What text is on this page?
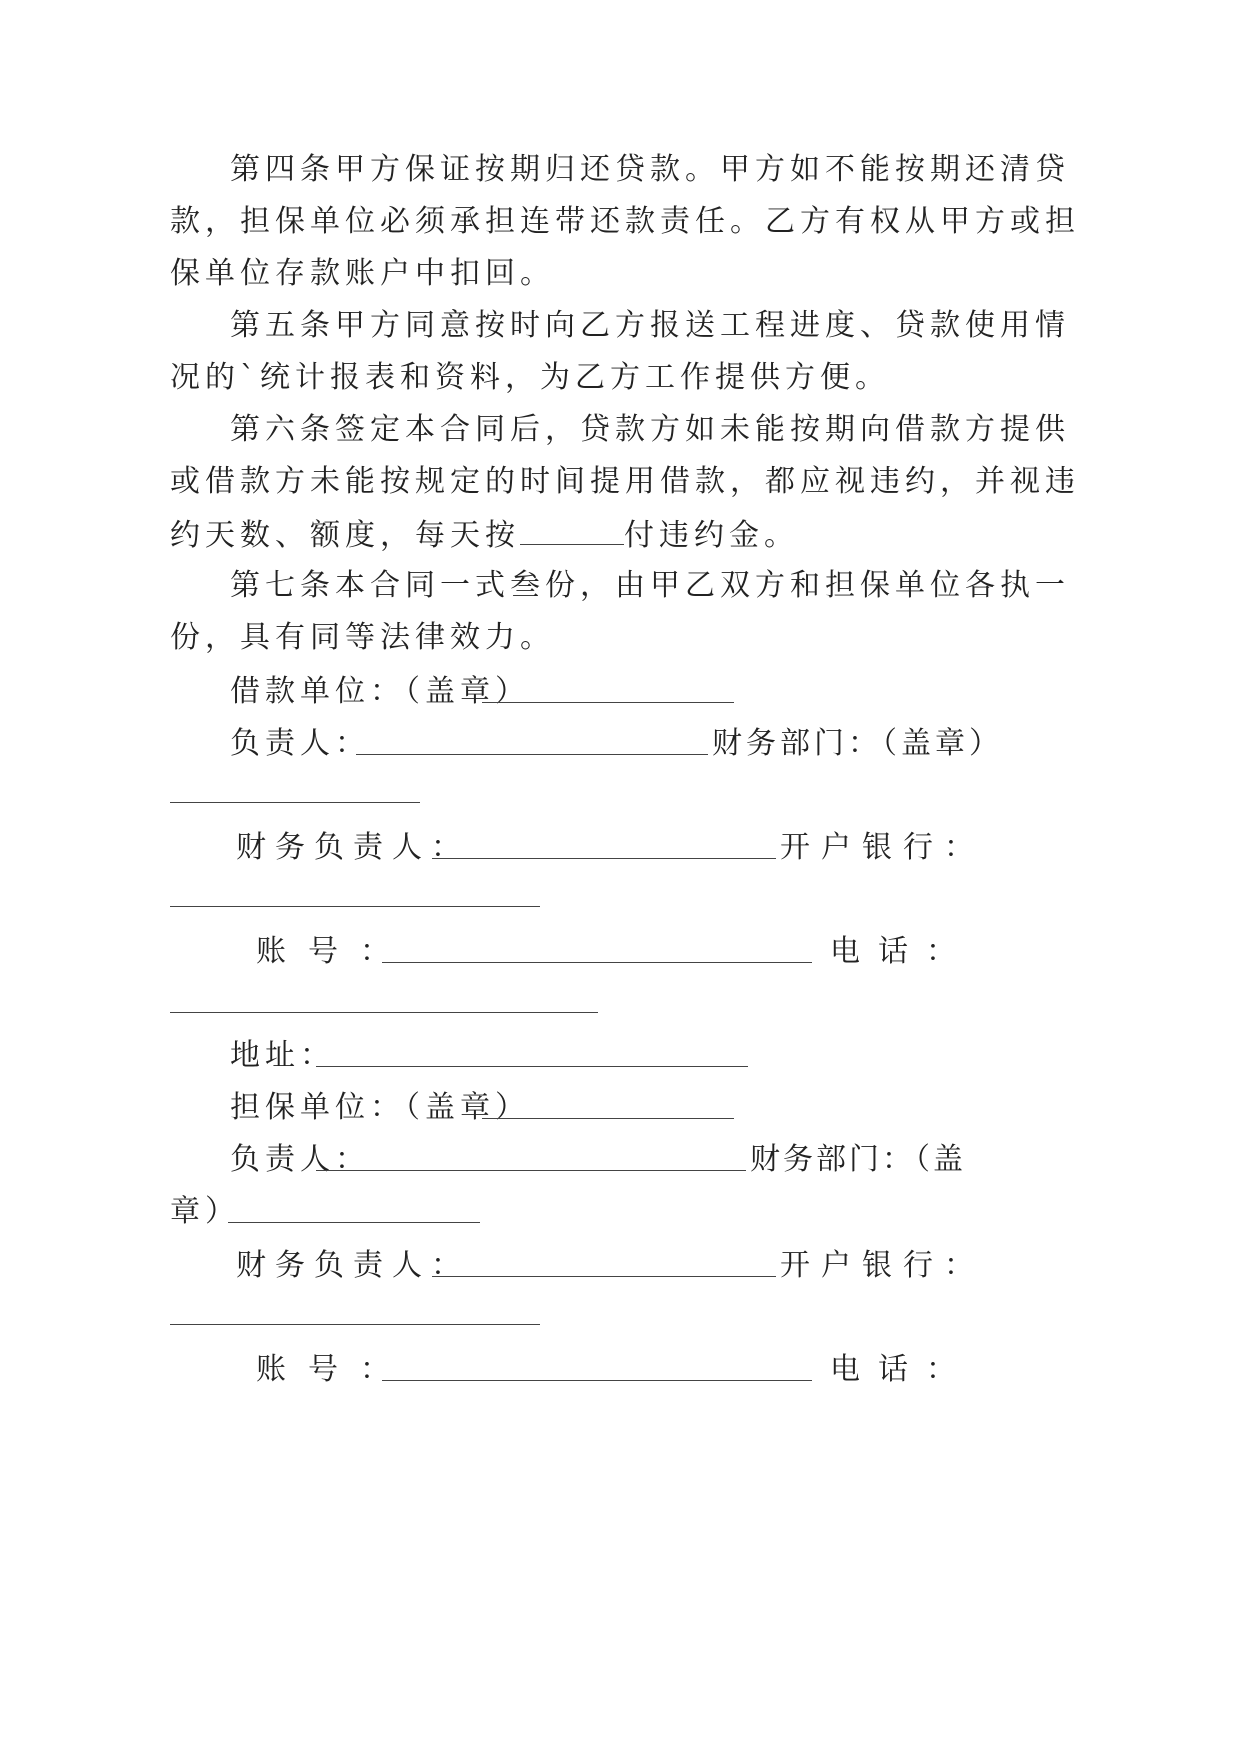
第四条甲方保证按期归还贷款。甲方如不能按期还清贷

款，担保单位必须承担连带还款责任。乙方有权从甲方或担

保单位存款账户中扣回。

第五条甲方同意按时向乙方报送工程进度、贷款使用情

况的`统计报表和资料，为乙方工作提供方便。

第六条签定本合同后，贷款方如未能按期向借款方提供

或借款方未能按规定的时间提用借款，都应视违约，并视违

约天数、额度，每天按	付违约金。

第七条本合同一式叁份，由甲乙双方和担保单位各执一

份，具有同等法律效力。

借款单位：（盖章）

负责人：	财务部门：（盖章）

财务负责人：	开户银行：

账号：	电话：

地址：

担保单位：（盖章）

负责人：	财务部门：（盖

章）

财务负责人：	开户银行：

账号：	电话：
